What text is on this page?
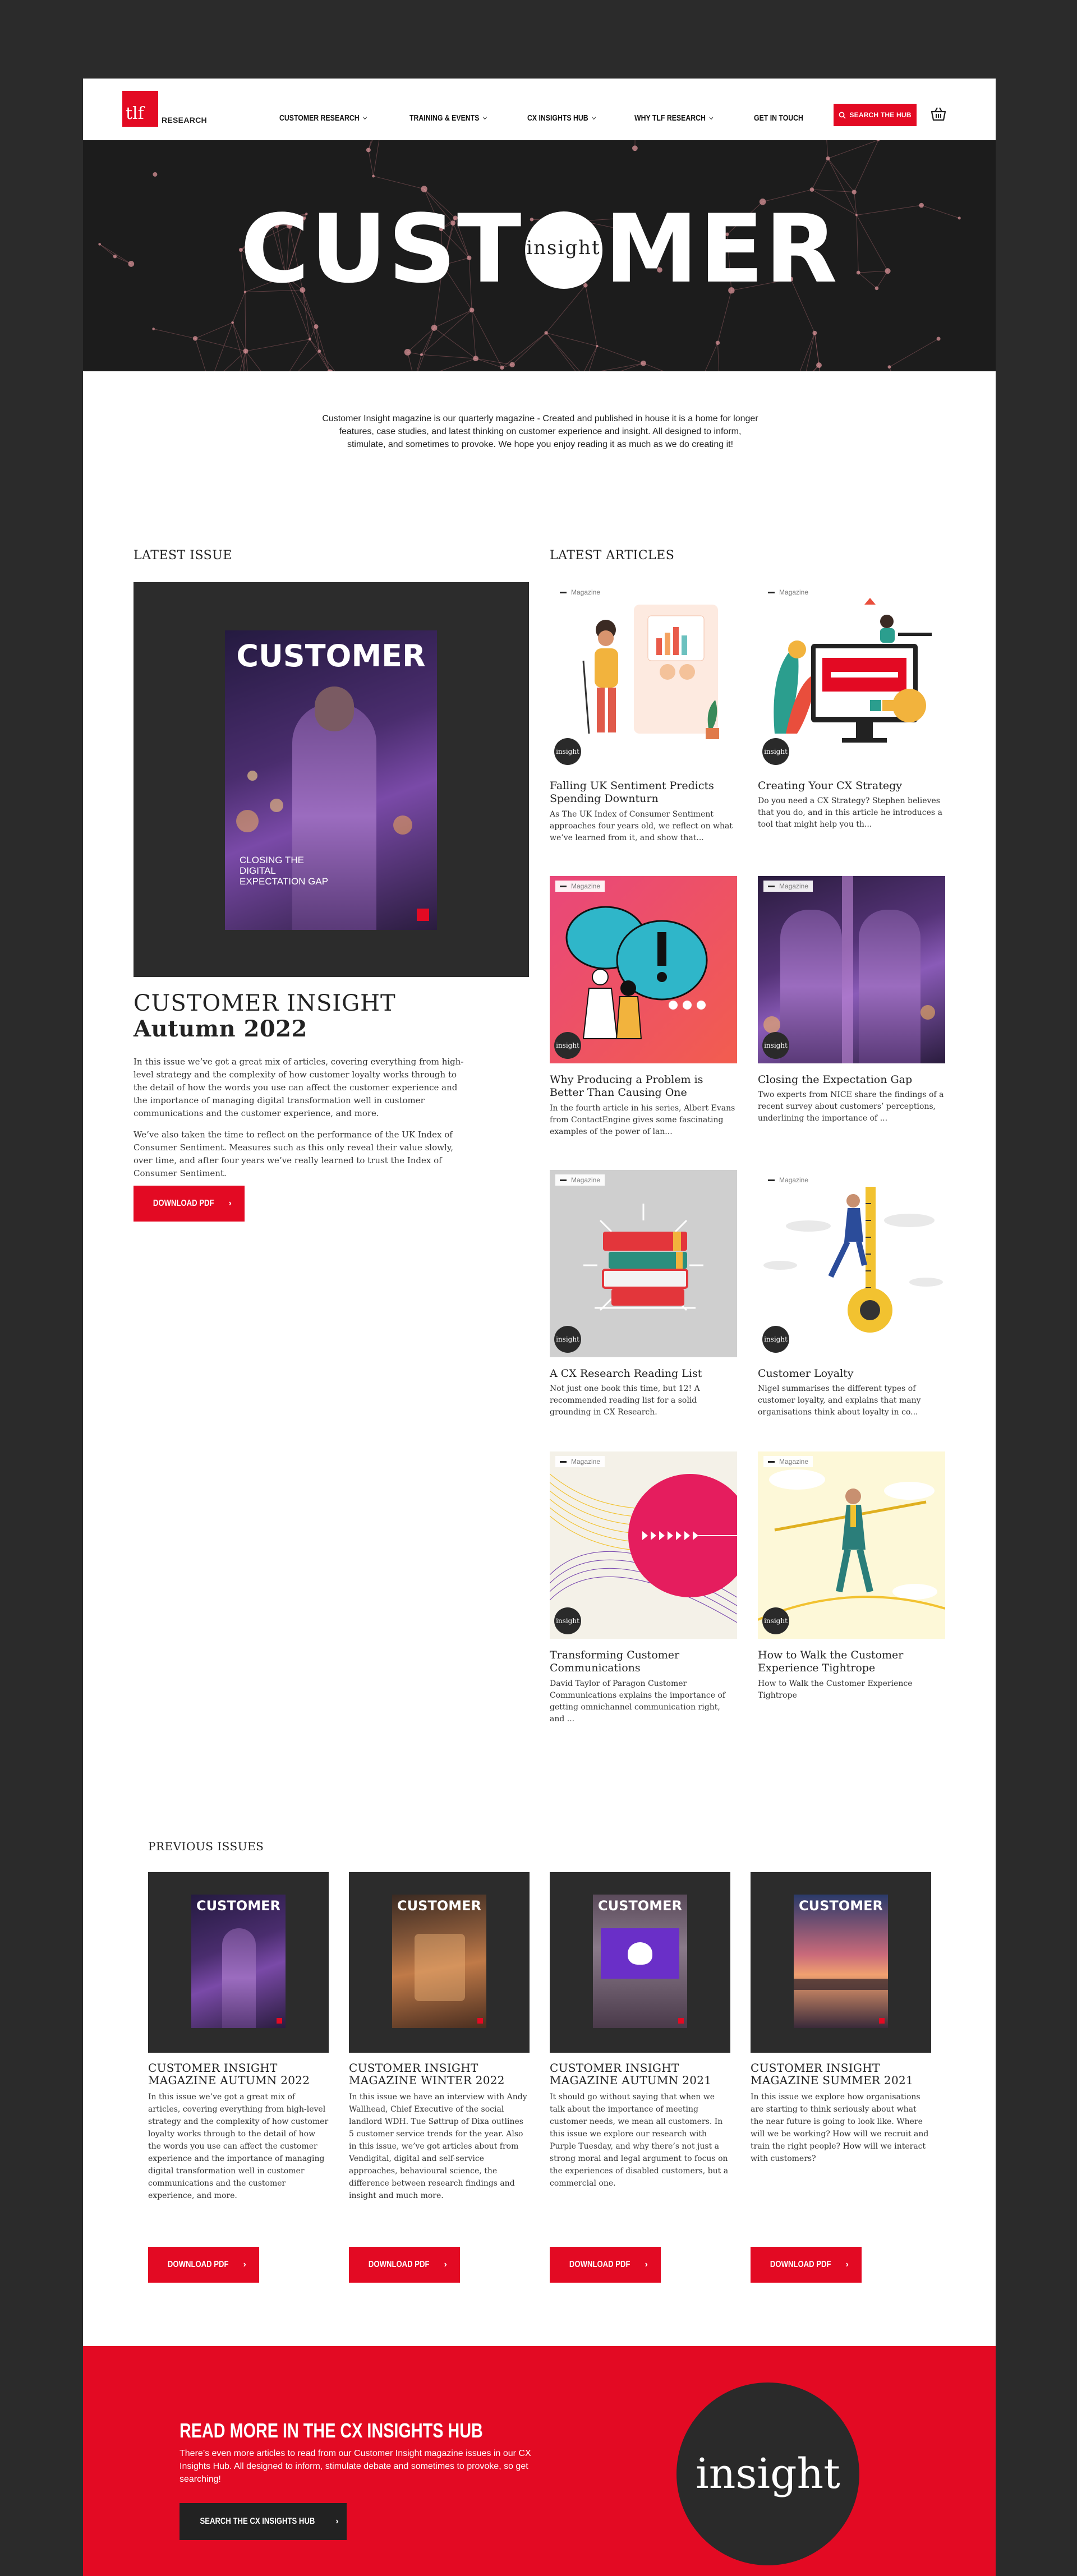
tlf	RESEARCH	CUSTOMER RESEARCH ⌵	TRAINING & EVENTS ⌵	CX INSIGHTS HUB ⌵	WHY TLF RESEARCH ⌵	GET IN TOUCH	SEARCH THE HUB
CUST insight MER
Customer Insight magazine is our quarterly magazine - Created and published in house it is a home for longer features, case studies, and latest thinking on customer experience and insight. All designed to inform, stimulate, and sometimes to provoke. We hope you enjoy reading it as much as we do creating it!
LATEST ISSUE
CUSTOMER
CLOSING THE DIGITAL EXPECTATION GAP
CUSTOMER INSIGHT
Autumn 2022

In this issue we’ve got a great mix of articles, covering everything from high-level strategy and the complexity of how customer loyalty works through to the detail of how the words you use can affect the customer experience and the importance of managing digital transformation well in customer communications and the customer experience, and more.

We’ve also taken the time to reflect on the performance of the UK Index of Consumer Sentiment. Measures such as this only reveal their value slowly, over time, and after four years we’ve really learned to trust the Index of Consumer Sentiment.

DOWNLOAD PDF ›
LATEST ARTICLES
Magazine
insight
Falling UK Sentiment Predicts Spending Downturn

As The UK Index of Consumer Sentiment approaches four years old, we reflect on what we’ve learned from it, and show that...

Magazine
insight
Creating Your CX Strategy

Do you need a CX Strategy? Stephen believes that you do, and in this article he introduces a tool that might help you th...

Magazine
insight
Why Producing a Problem is Better Than Causing One

In the fourth article in his series, Albert Evans from ContactEngine gives some fascinating examples of the power of lan...

Magazine
insight
Closing the Expectation Gap

Two experts from NICE share the findings of a recent survey about customers’ perceptions, underlining the importance of ...

Magazine
insight
A CX Research Reading List

Not just one book this time, but 12! A recommended reading list for a solid grounding in CX Research.

Magazine
insight
Customer Loyalty

Nigel summarises the different types of customer loyalty, and explains that many organisations think about loyalty in co...

Magazine
insight
Transforming Customer Communications

David Taylor of Paragon Customer Communications explains the importance of getting omnichannel communication right, and ...

Magazine
insight
How to Walk the Customer Experience Tightrope

How to Walk the Customer Experience Tightrope

PREVIOUS ISSUES
CUSTOMER
CUSTOMER INSIGHT MAGAZINE AUTUMN 2022

In this issue we’ve got a great mix of articles, covering everything from high-level strategy and the complexity of how customer loyalty works through to the detail of how the words you use can affect the customer experience and the importance of managing digital transformation well in customer communications and the customer experience, and more.

CUSTOMER
CUSTOMER INSIGHT MAGAZINE WINTER 2022

In this issue we have an interview with Andy Wallhead, Chief Executive of the social landlord WDH. Tue Søttrup of Dixa outlines 5 customer service trends for the year. Also in this issue, we’ve got articles about from Vendigital, digital and self-service approaches, behavioural science, the difference between research findings and insight and much more.

CUSTOMER
CUSTOMER INSIGHT MAGAZINE AUTUMN 2021

It should go without saying that when we talk about the importance of meeting customer needs, we mean all customers. In this issue we explore our research with Purple Tuesday, and why there’s not just a strong moral and legal argument to focus on the experiences of disabled customers, but a commercial one.

CUSTOMER
CUSTOMER INSIGHT MAGAZINE SUMMER 2021

In this issue we explore how organisations are starting to think seriously about what the near future is going to look like. Where will we be working? How will we recruit and train the right people? How will we interact with customers?

DOWNLOAD PDF ›	DOWNLOAD PDF ›	DOWNLOAD PDF ›	DOWNLOAD PDF ›
READ MORE IN THE CX INSIGHTS HUB

There’s even more articles to read from our Customer Insight magazine issues in our CX Insights Hub. All designed to inform, stimulate debate and sometimes to provoke, so get searching!

SEARCH THE CX INSIGHTS HUB ›
insight
